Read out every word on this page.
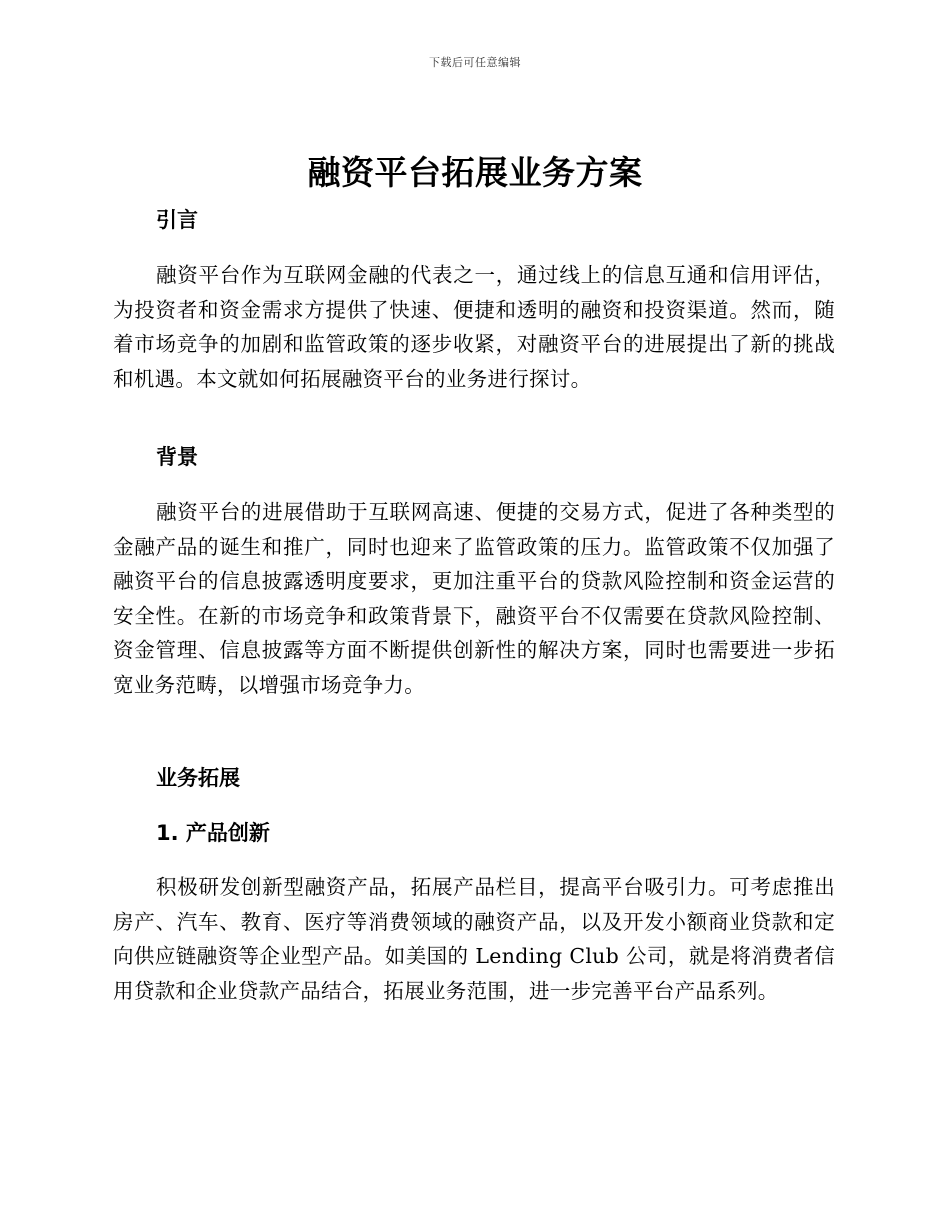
下载后可任意编辑
融资平台拓展业务方案
引言

融资平台作为互联网金融的代表之一，通过线上的信息互通和信用评估，为投资者和资金需求方提供了快速、便捷和透明的融资和投资渠道。然而，随着市场竞争的加剧和监管政策的逐步收紧，对融资平台的进展提出了新的挑战和机遇。本文就如何拓展融资平台的业务进行探讨。

背景

融资平台的进展借助于互联网高速、便捷的交易方式，促进了各种类型的金融产品的诞生和推广，同时也迎来了监管政策的压力。监管政策不仅加强了融资平台的信息披露透明度要求，更加注重平台的贷款风险控制和资金运营的安全性。在新的市场竞争和政策背景下，融资平台不仅需要在贷款风险控制、资金管理、信息披露等方面不断提供创新性的解决方案，同时也需要进一步拓宽业务范畴，以增强市场竞争力。

业务拓展
1. 产品创新

积极研发创新型融资产品，拓展产品栏目，提高平台吸引力。可考虑推出房产、汽车、教育、医疗等消费领域的融资产品，以及开发小额商业贷款和定向供应链融资等企业型产品。如美国的 Lending Club 公司，就是将消费者信用贷款和企业贷款产品结合，拓展业务范围，进一步完善平台产品系列。
